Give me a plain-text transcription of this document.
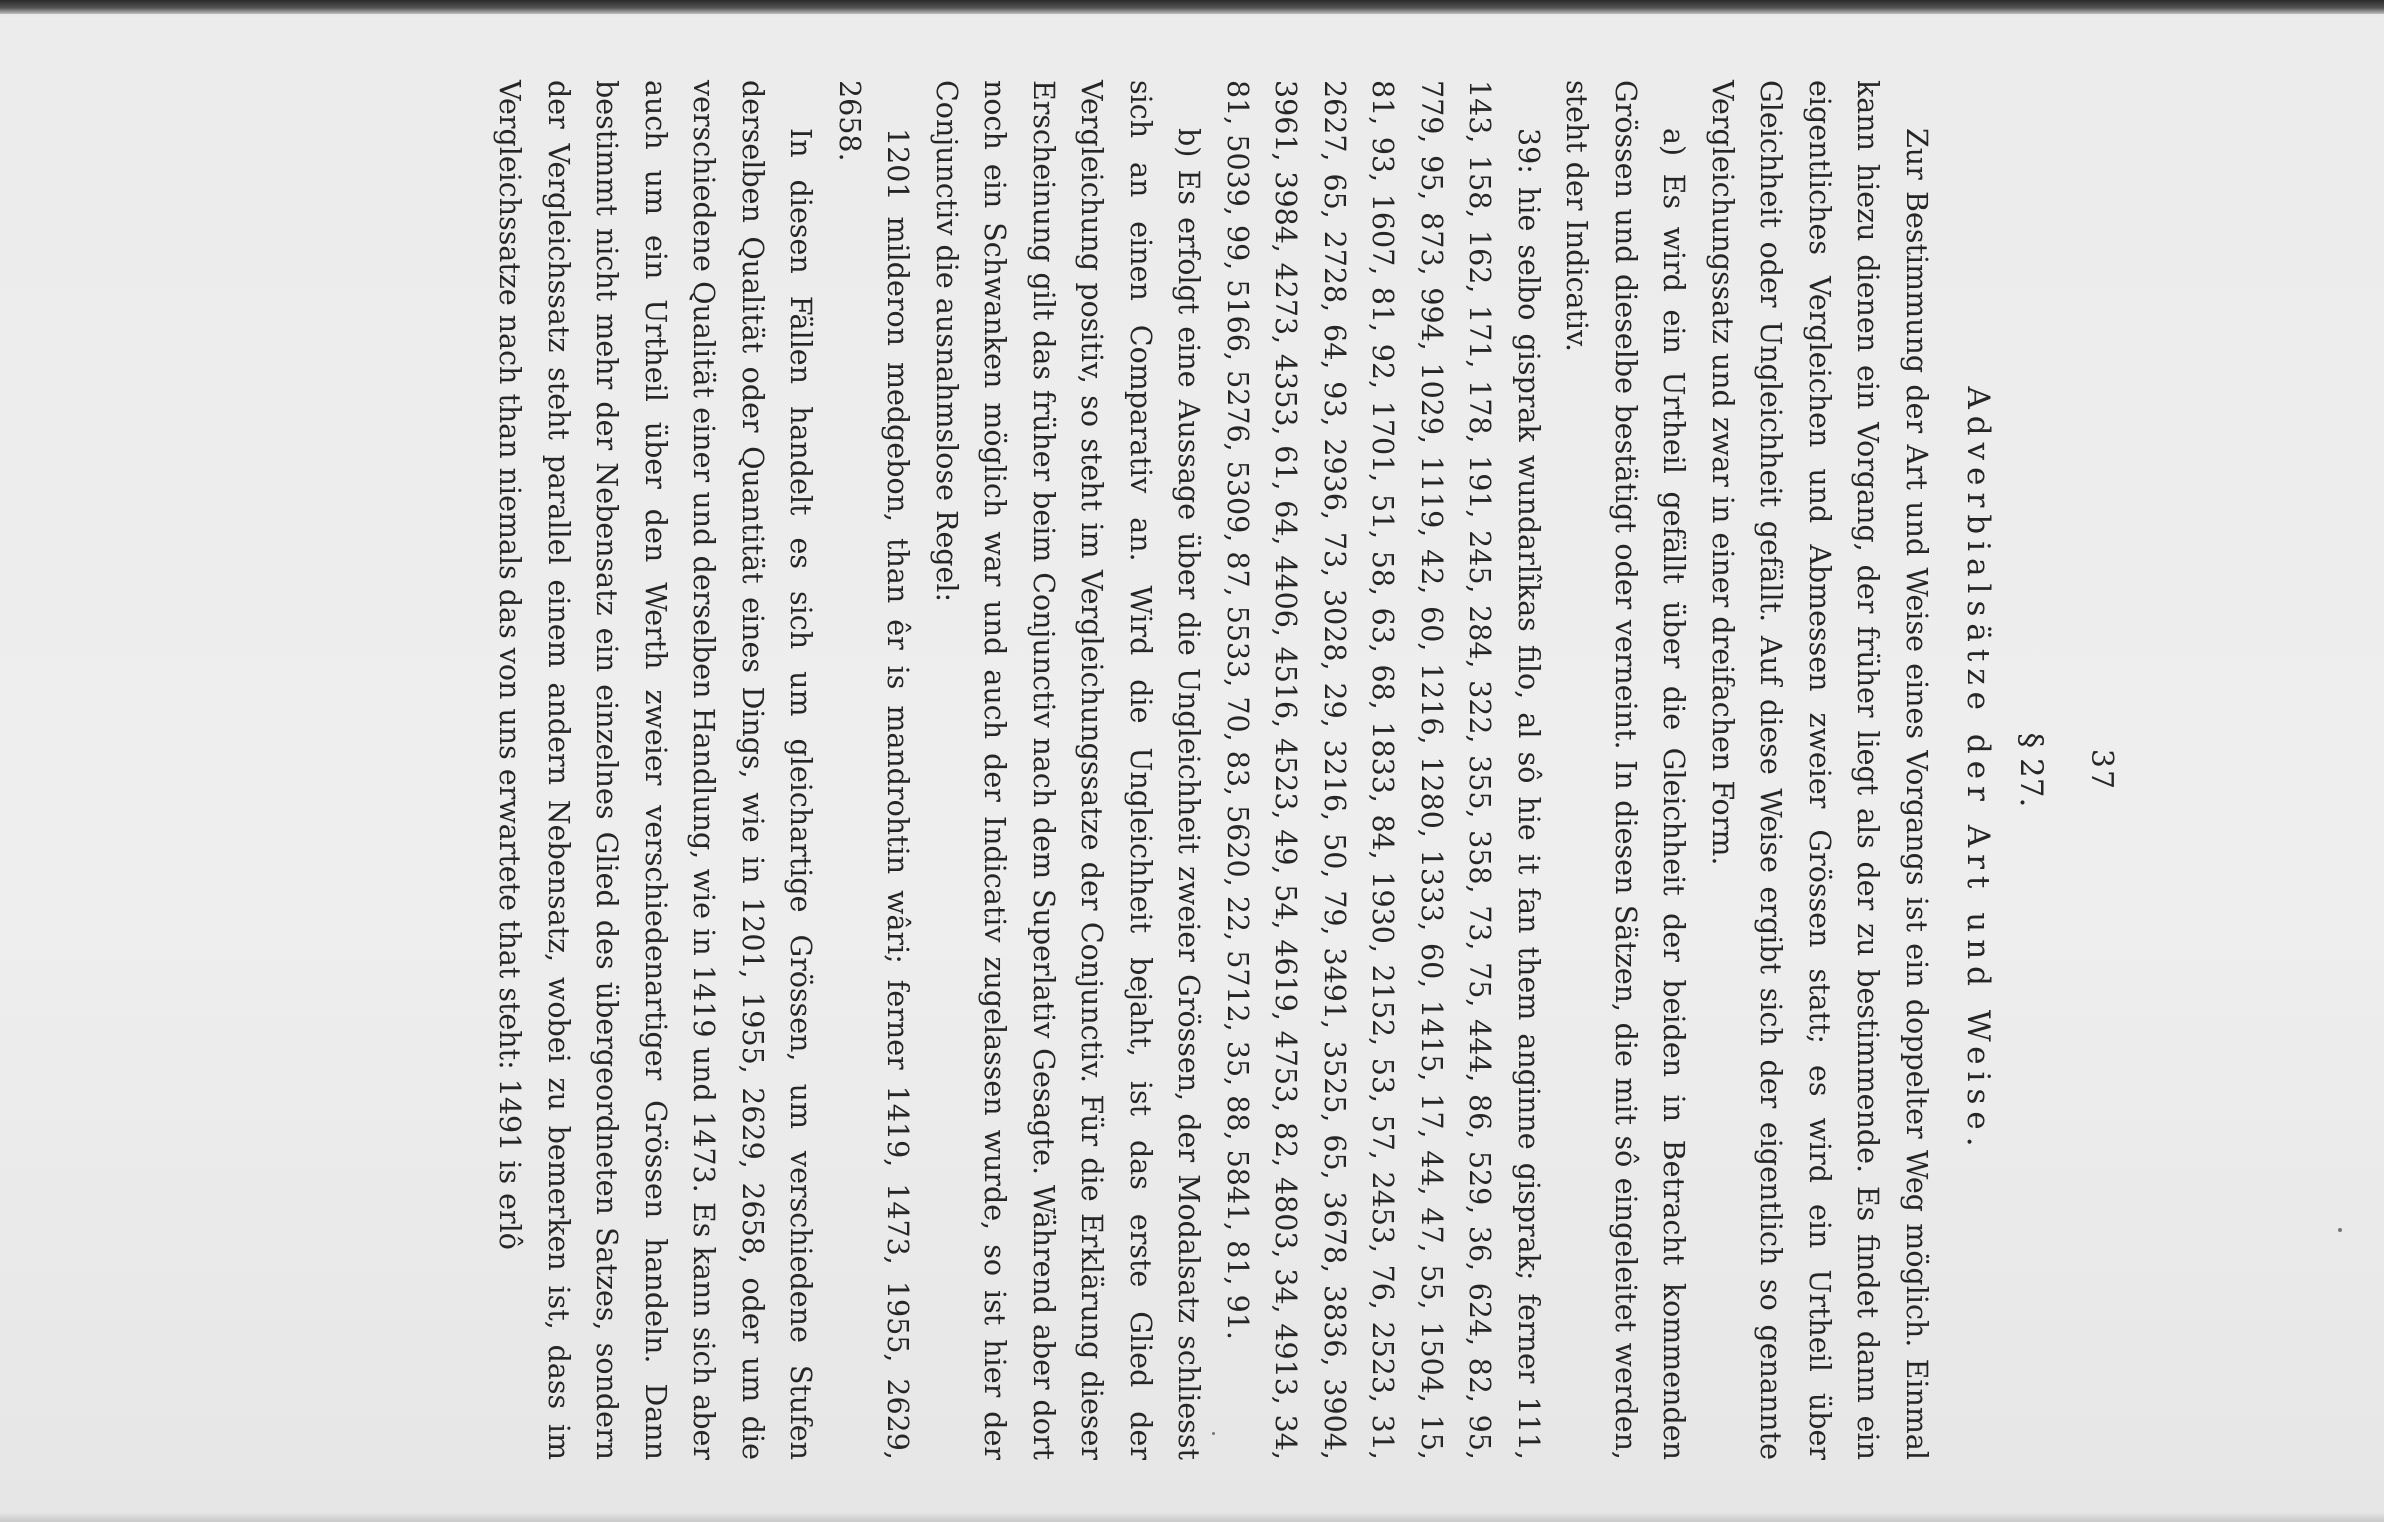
37
§ 27.
Adverbialsätze der Art und Weise.

Zur Bestimmung der Art und Weise eines Vorgangs ist ein doppelter Weg möglich. Einmal kann hiezu dienen ein Vorgang, der früher liegt als der zu bestimmende. Es findet dann ein eigentliches Vergleichen und Abmessen zweier Grössen statt; es wird ein Urtheil über Gleichheit oder Ungleichheit gefällt. Auf diese Weise ergibt sich der eigentlich so genannte Vergleichungssatz und zwar in einer dreifachen Form.

a) Es wird ein Urtheil gefällt über die Gleichheit der beiden in Betracht kommenden Grössen und dieselbe bestätigt oder verneint. In diesen Sätzen, die mit sô eingeleitet werden, steht der Indicativ.

39: hie selbo gisprak wundarlîkas filo, al sô hie it fan them anginne gisprak; ferner 111, 143, 158, 162, 171, 178, 191, 245, 284, 322, 355, 358, 73, 75, 444, 86, 529, 36, 624, 82, 95, 779, 95, 873, 994, 1029, 1119, 42, 60, 1216, 1280, 1333, 60, 1415, 17, 44, 47, 55, 1504, 15, 81, 93, 1607, 81, 92, 1701, 51, 58, 63, 68, 1833, 84, 1930, 2152, 53, 57, 2453, 76, 2523, 31, 2627, 65, 2728, 64, 93, 2936, 73, 3028, 29, 3216, 50, 79, 3491, 3525, 65, 3678, 3836, 3904, 3961, 3984, 4273, 4353, 61, 64, 4406, 4516, 4523, 49, 54, 4619, 4753, 82, 4803, 34, 4913, 34, 81, 5039, 99, 5166, 5276, 5309, 87, 5533, 70, 83, 5620, 22, 5712, 35, 88, 5841, 81, 91.

b) Es erfolgt eine Aussage über die Ungleichheit zweier Grössen, der Modalsatz schliesst sich an einen Comparativ an. Wird die Ungleichheit bejaht, ist das erste Glied der Vergleichung positiv, so steht im Vergleichungssatze der Conjunctiv. Für die Erklärung dieser Erscheinung gilt das früher beim Conjunctiv nach dem Superlativ Gesagte. Während aber dort noch ein Schwanken möglich war und auch der Indicativ zugelassen wurde, so ist hier der Conjunctiv die ausnahmslose Regel:

1201 milderon medgebon, than êr is mandrohtin wâri; ferner 1419, 1473, 1955, 2629, 2658.

In diesen Fällen handelt es sich um gleichartige Grössen, um verschiedene Stufen derselben Qualität oder Quantität eines Dings, wie in 1201, 1955, 2629, 2658, oder um die verschiedene Qualität einer und derselben Handlung, wie in 1419 und 1473. Es kann sich aber auch um ein Urtheil über den Werth zweier verschiedenartiger Grössen handeln. Dann bestimmt nicht mehr der Nebensatz ein einzelnes Glied des übergeordneten Satzes, sondern der Vergleichssatz steht parallel einem andern Nebensatz, wobei zu bemerken ist, dass im Vergleichssatze nach than niemals das von uns erwartete that steht: 1491 is erlô
